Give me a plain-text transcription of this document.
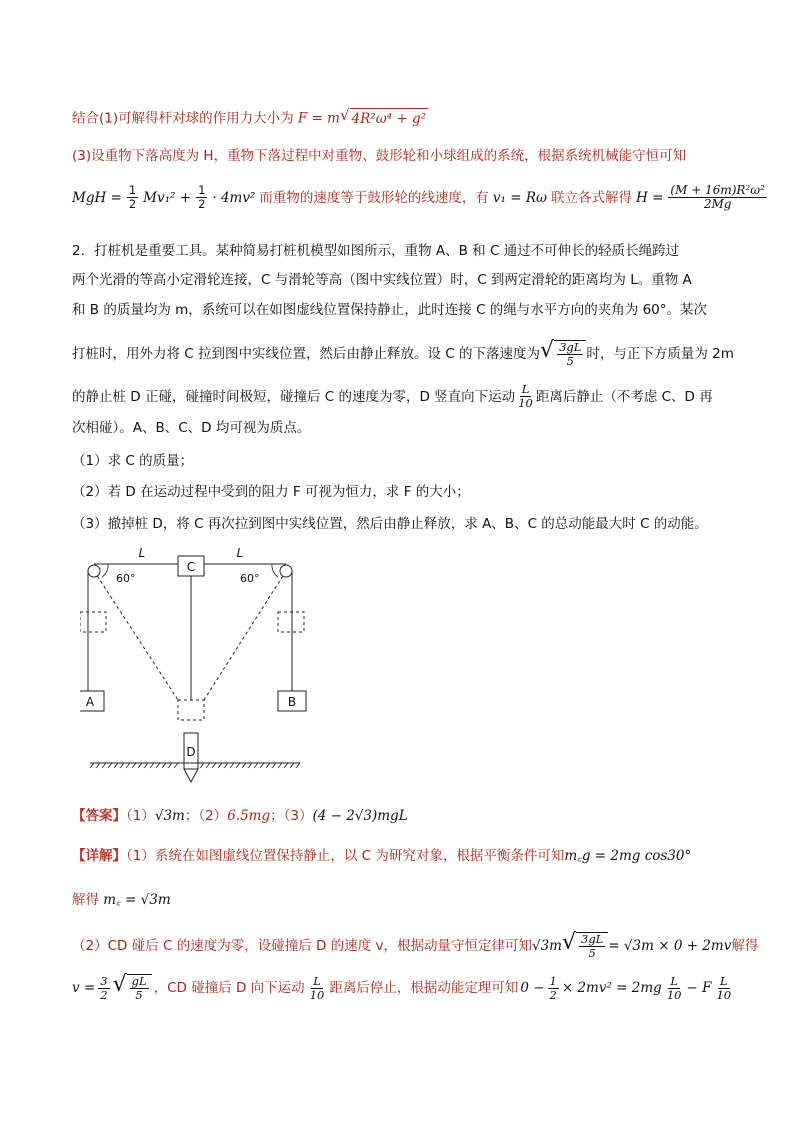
结合(1)可解得杆对球的作用力大小为 F = m √ 4R²ω⁴ + g²
(3)设重物下落高度为 H，重物下落过程中对重物、鼓形轮和小球组成的系统，根据系统机械能守恒可知
MgH = $\frac{1}{2} Mv_1^2 + \frac{1}{2} \cdot 4mv^2$ 而重物的速度等于鼓形轮的线速度，有 v₁ = Rω 联立各式解得 $H = \frac{\text{(M + 16m)R²ω²}}{2Mg}$
2．打桩机是重要工具。某种简易打桩机模型如图所示，重物 A、B 和 C 通过不可伸长的轻质长绳跨过
两个光滑的等高小定滑轮连接，C 与滑轮等高（图中实线位置）时，C 到两定滑轮的距离均为 L。重物 A
和 B 的质量均为 m，系统可以在如图虚线位置保持静止，此时连接 C 的绳与水平方向的夹角为 60°。某次
打桩时，用外力将 C 拉到图中实线位置，然后由静止释放。设 C 的下落速度为 √ $\frac{3gL}{5}$ 时，与正下方质量为 2m
的静止桩 D 正碰，碰撞时间极短，碰撞后 C 的速度为零，D 竖直向下运动 $\frac{L}{10}$ 距离后静止（不考虑 C、D 再
次相碰）。A、B、C、D 均可视为质点。
（1）求 C 的质量；
（2）若 D 在运动过程中受到的阻力 F 可视为恒力，求 F 的大小；
（3）撤掉桩 D，将 C 再次拉到图中实线位置，然后由静止释放，求 A、B、C 的总动能最大时 C 的动能。
L	L
60°	60°
C
A	B
D
【答案】（1）√3m；（2）6.5mg；（3）(4 − 2√3)mgL
【详解】（1）系统在如图虚线位置保持静止，以 C 为研究对象，根据平衡条件可知m꜀g = 2mg cos30°
解得 m꜀ = √3m
（2）CD 碰后 C 的速度为零，设碰撞后 D 的速度 v，根据动量守恒定律可知 √3m √ $\frac{3gL}{5} = √3m \times 0 + 2mv$ 解得
$v = \frac{3}{2}$ √ $\frac{gL}{5}$ ，CD 碰撞后 D 向下运动 $\frac{L}{10}$ 距离后停止，根据动能定理可知 $0 - \frac{1}{2} \times 2mv^2 = 2mg \frac{L}{10} - F \frac{L}{10}$
